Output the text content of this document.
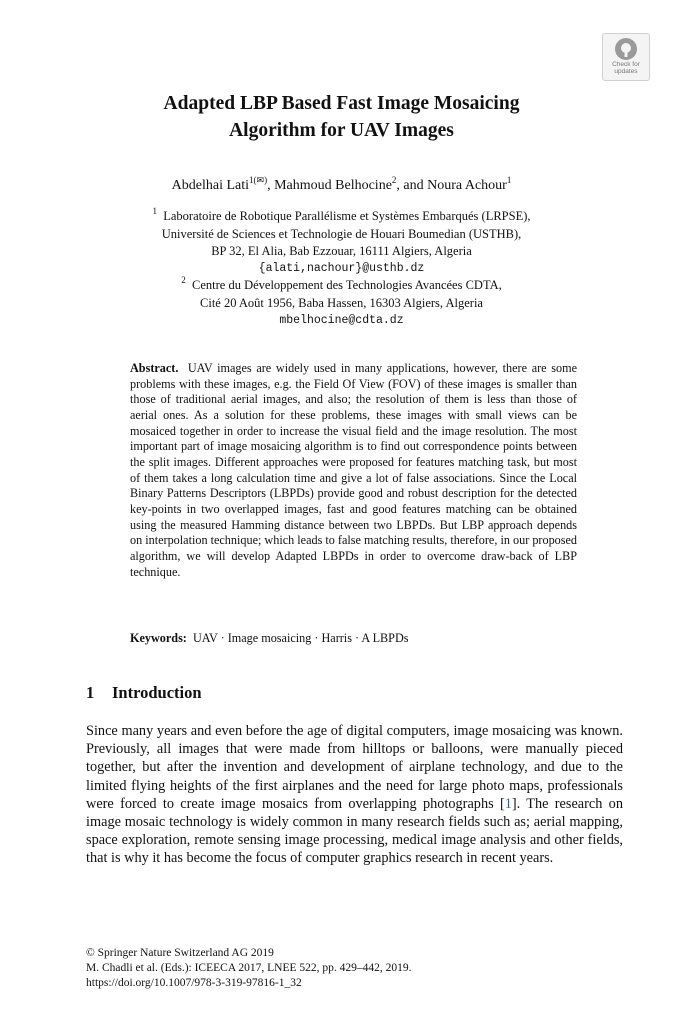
Check for
updates
Adapted LBP Based Fast Image Mosaicing
Algorithm for UAV Images
Abdelhai Lati$^1$(✉), Mahmoud Belhocine$^2$, and Noura Achour$^1$
$^1$ Laboratoire de Robotique Parallélisme et Systèmes Embarqués (LRPSE),
Université de Sciences et Technologie de Houari Boumedian (USTHB),
BP 32, El Alia, Bab Ezzouar, 16111 Algiers, Algeria
{alati,nachour}@usthb.dz
$^2$ Centre du Développement des Technologies Avancées CDTA,
Cité 20 Août 1956, Baba Hassen, 16303 Algiers, Algeria
mbelhocine@cdta.dz

Abstract. UAV images are widely used in many applications, however, there are some problems with these images, e.g. the Field Of View (FOV) of these images is smaller than those of traditional aerial images, and also; the resolution of them is less than those of aerial ones. As a solution for these problems, these images with small views can be mosaiced together in order to increase the visual field and the image resolution. The most important part of image mosaicing algorithm is to find out correspondence points between the split images. Different approaches were proposed for features matching task, but most of them takes a long calculation time and give a lot of false associations. Since the Local Binary Patterns Descriptors (LBPDs) provide good and robust description for the detected key-points in two overlapped images, fast and good features matching can be obtained using the measured Hamming distance between two LBPDs. But LBP approach depends on interpolation technique; which leads to false matching results, therefore, in our proposed algorithm, we will develop Adapted LBPDs in order to overcome draw-back of LBP technique.

Keywords: UAV · Image mosaicing · Harris · A LBPDs
1 Introduction

Since many years and even before the age of digital computers, image mosaicing was known. Previously, all images that were made from hilltops or balloons, were manually pieced together, but after the invention and development of airplane technology, and due to the limited flying heights of the first airplanes and the need for large photo maps, professionals were forced to create image mosaics from overlapping photographs [1]. The research on image mosaic technology is widely common in many research fields such as; aerial mapping, space exploration, remote sensing image processing, medical image analysis and other fields, that is why it has become the focus of computer graphics research in recent years.

© Springer Nature Switzerland AG 2019
M. Chadli et al. (Eds.): ICEECA 2017, LNEE 522, pp. 429–442, 2019.
https://doi.org/10.1007/978-3-319-97816-1_32
